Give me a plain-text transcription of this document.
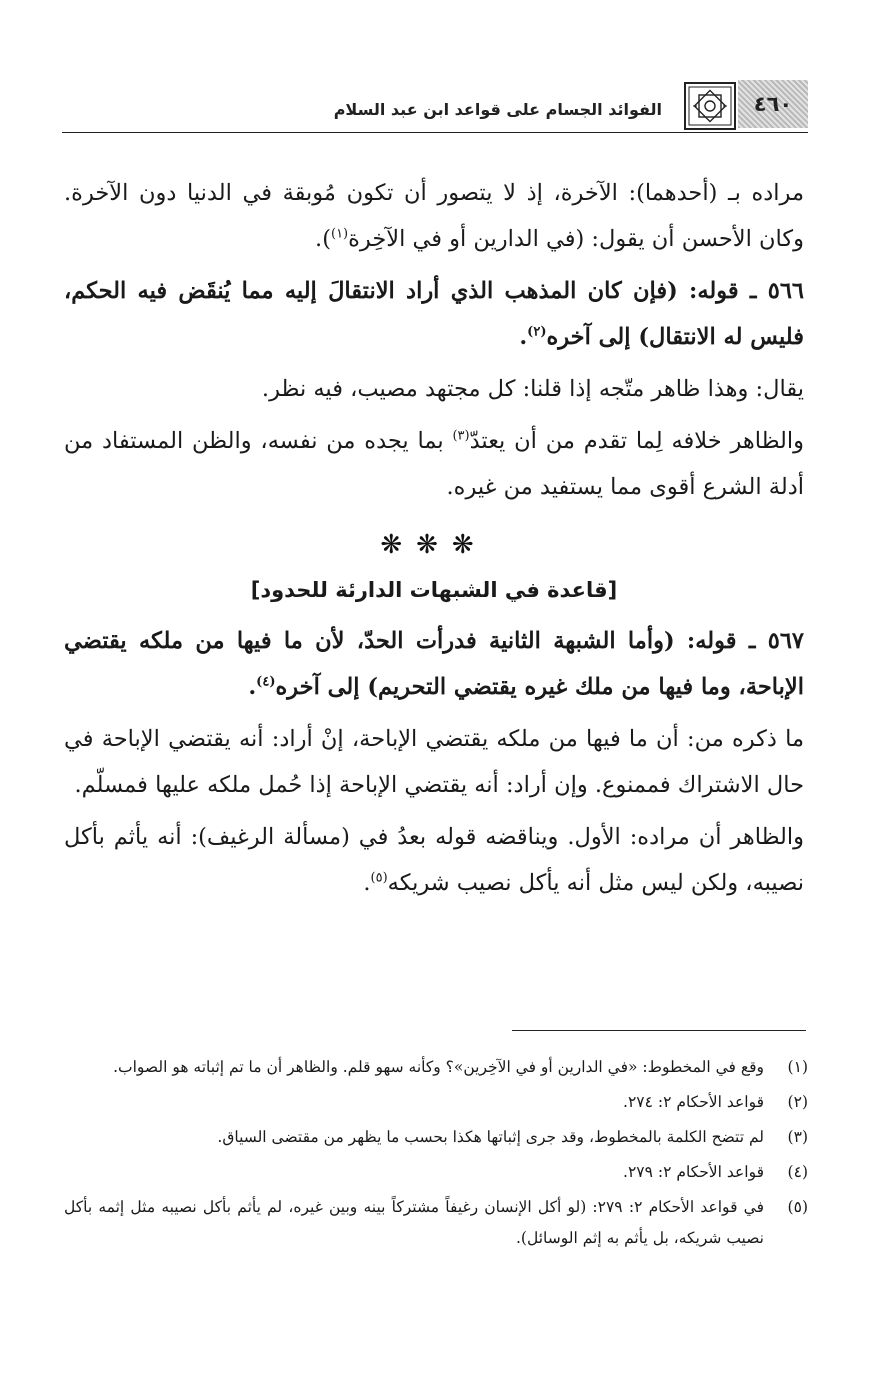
٤٦٠
الفوائد الجسام على قواعد ابن عبد السلام

مراده بـ (أحدهما): الآخرة، إذ لا يتصور أن تكون مُوبقة في الدنيا دون الآخرة. وكان الأحسن أن يقول: (في الدارين أو في الآخِرة$^{(١)}$).

٥٦٦ ـ قوله: (فإن كان المذهب الذي أراد الانتقالَ إليه مما يُنقَض فيه الحكم، فليس له الانتقال) إلى آخره$^{(٢)}$.

يقال: وهذا ظاهر متّجه إذا قلنا: كل مجتهد مصيب، فيه نظر.

والظاهر خلافه لِما تقدم من أن يعتدّ$^{(٣)}$ بما يجده من نفسه، والظن المستفاد من أدلة الشرع أقوى مما يستفيد من غيره.

❋❋❋
[قاعدة في الشبهات الدارئة للحدود]

٥٦٧ ـ قوله: (وأما الشبهة الثانية فدرأت الحدّ، لأن ما فيها من ملكه يقتضي الإباحة، وما فيها من ملك غيره يقتضي التحريم) إلى آخره$^{(٤)}$.

ما ذكره من: أن ما فيها من ملكه يقتضي الإباحة، إنْ أراد: أنه يقتضي الإباحة في حال الاشتراك فممنوع. وإن أراد: أنه يقتضي الإباحة إذا حُمل ملكه عليها فمسلّم.

والظاهر أن مراده: الأول. ويناقضه قوله بعدُ في (مسألة الرغيف): أنه يأثم بأكل نصيبه، ولكن ليس مثل أنه يأكل نصيب شريكه$^{(٥)}$.

(١)
وقع في المخطوط: «في الدارين أو في الآخِرين»؟ وكأنه سهو قلم. والظاهر أن ما تم إثباته هو الصواب.
(٢)
قواعد الأحكام ٢: ٢٧٤.
(٣)
لم تتضح الكلمة بالمخطوط، وقد جرى إثباتها هكذا بحسب ما يظهر من مقتضى السياق.
(٤)
قواعد الأحكام ٢: ٢٧٩.
(٥)
في قواعد الأحكام ٢: ٢٧٩: (لو أكل الإنسان رغيفاً مشتركاً بينه وبين غيره، لم يأثم بأكل نصيبه مثل إثمه بأكل نصيب شريكه، بل يأثم به إثم الوسائل).
